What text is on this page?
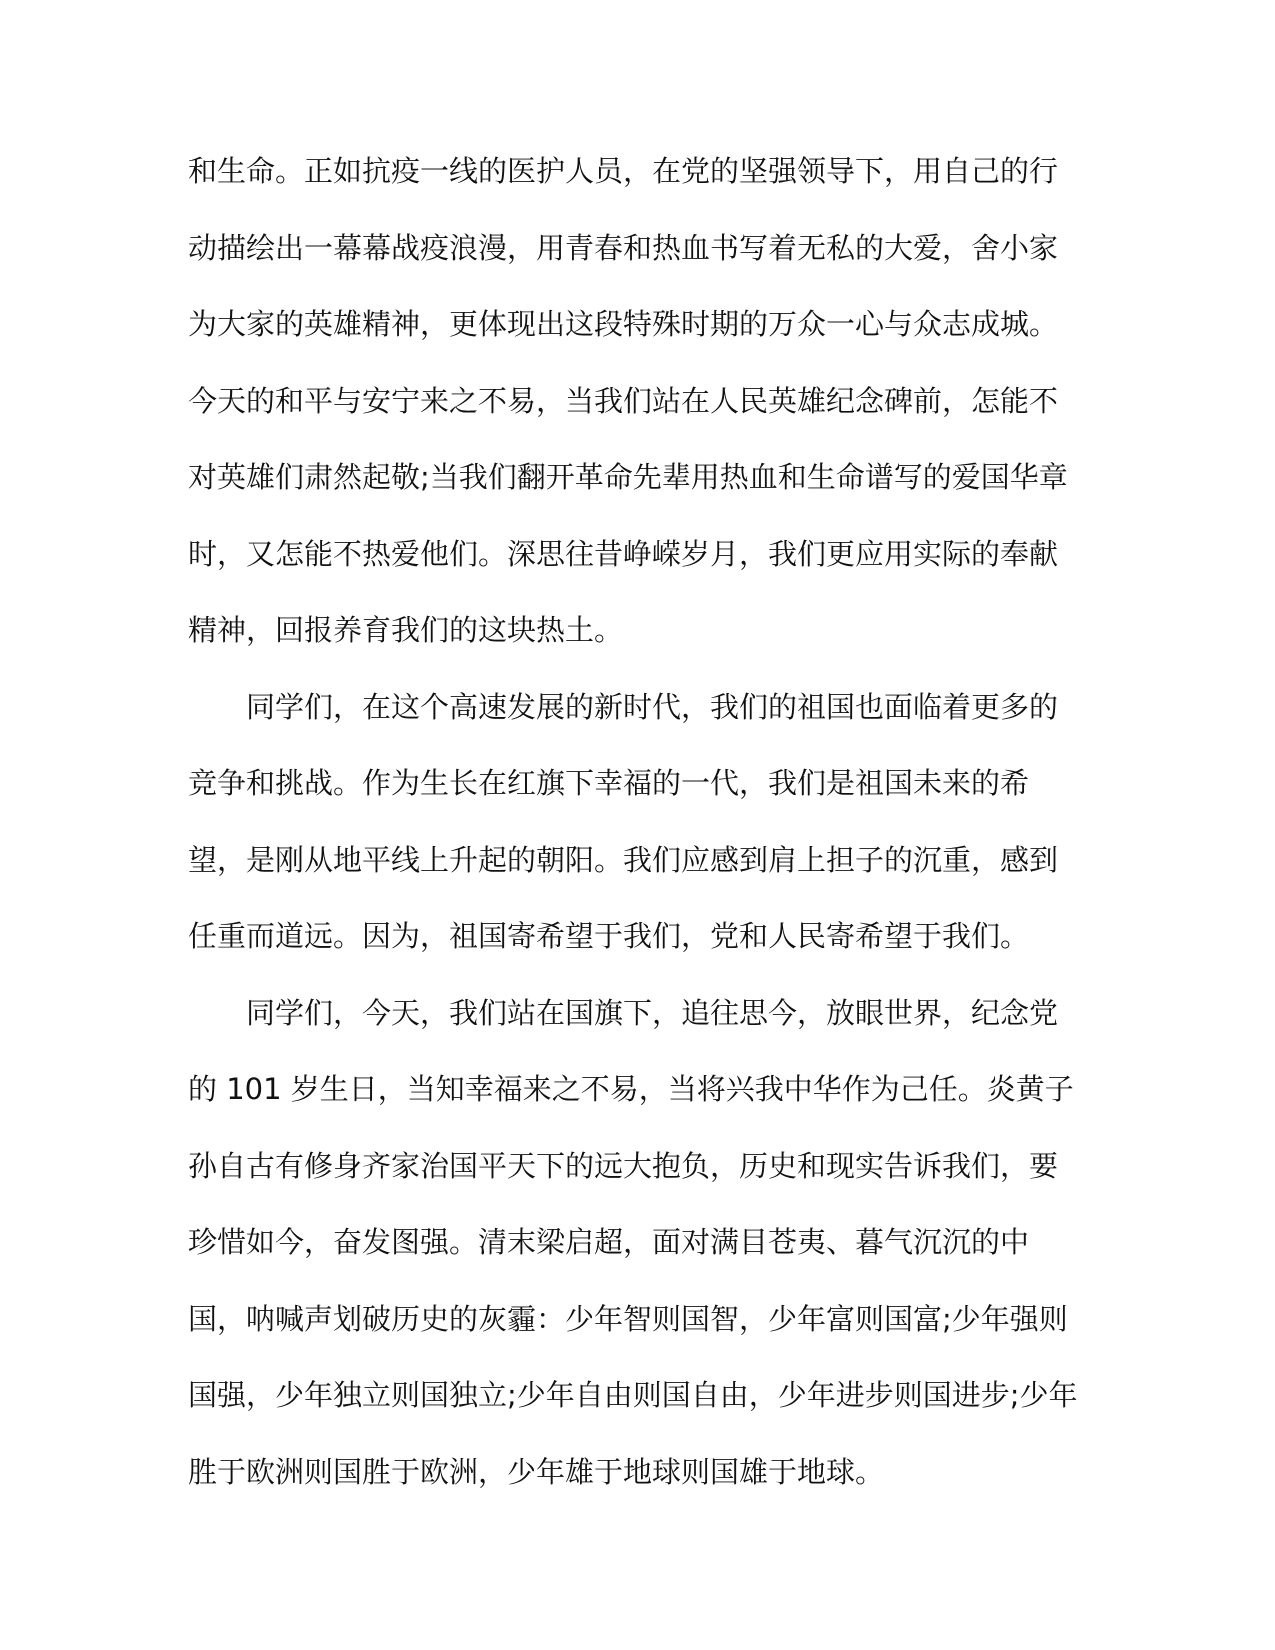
和生命。正如抗疫一线的医护人员，在党的坚强领导下，用自己的行
动描绘出一幕幕战疫浪漫，用青春和热血书写着无私的大爱，舍小家
为大家的英雄精神，更体现出这段特殊时期的万众一心与众志成城。
今天的和平与安宁来之不易，当我们站在人民英雄纪念碑前，怎能不
对英雄们肃然起敬;当我们翻开革命先辈用热血和生命谱写的爱国华章
时，又怎能不热爱他们。深思往昔峥嵘岁月，我们更应用实际的奉献
精神，回报养育我们的这块热土。
同学们，在这个高速发展的新时代，我们的祖国也面临着更多的
竞争和挑战。作为生长在红旗下幸福的一代，我们是祖国未来的希
望，是刚从地平线上升起的朝阳。我们应感到肩上担子的沉重，感到
任重而道远。因为，祖国寄希望于我们，党和人民寄希望于我们。
同学们，今天，我们站在国旗下，追往思今，放眼世界，纪念党
的 101 岁生日，当知幸福来之不易，当将兴我中华作为己任。炎黄子
孙自古有修身齐家治国平天下的远大抱负，历史和现实告诉我们，要
珍惜如今，奋发图强。清末梁启超，面对满目苍夷、暮气沉沉的中
国，呐喊声划破历史的灰霾：少年智则国智，少年富则国富;少年强则
国强，少年独立则国独立;少年自由则国自由，少年进步则国进步;少年
胜于欧洲则国胜于欧洲，少年雄于地球则国雄于地球。
